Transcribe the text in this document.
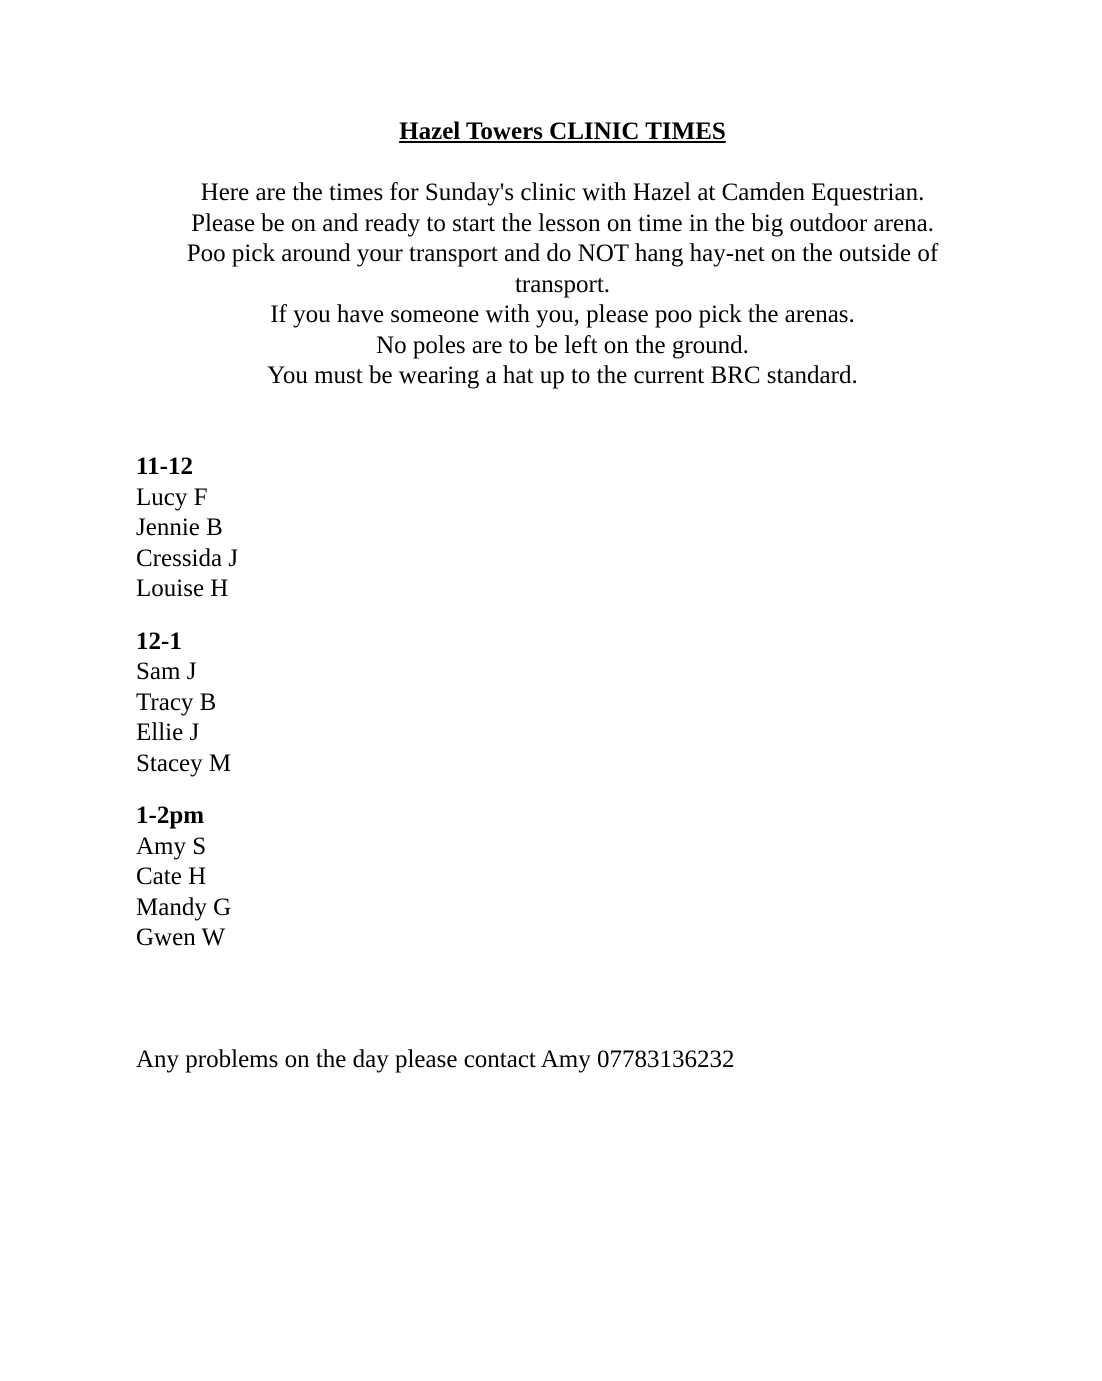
Hazel Towers CLINIC TIMES
Here are the times for Sunday's clinic with Hazel at Camden Equestrian.
Please be on and ready to start the lesson on time in the big outdoor arena.
Poo pick around your transport and do NOT hang hay-net on the outside of
transport.
If you have someone with you, please poo pick the arenas.
No poles are to be left on the ground.
You must be wearing a hat up to the current BRC standard.
11-12
Lucy F
Jennie B
Cressida J
Louise H
12-1
Sam J
Tracy B
Ellie J
Stacey M
1-2pm
Amy S
Cate H
Mandy G
Gwen W
Any problems on the day please contact Amy 07783136232
